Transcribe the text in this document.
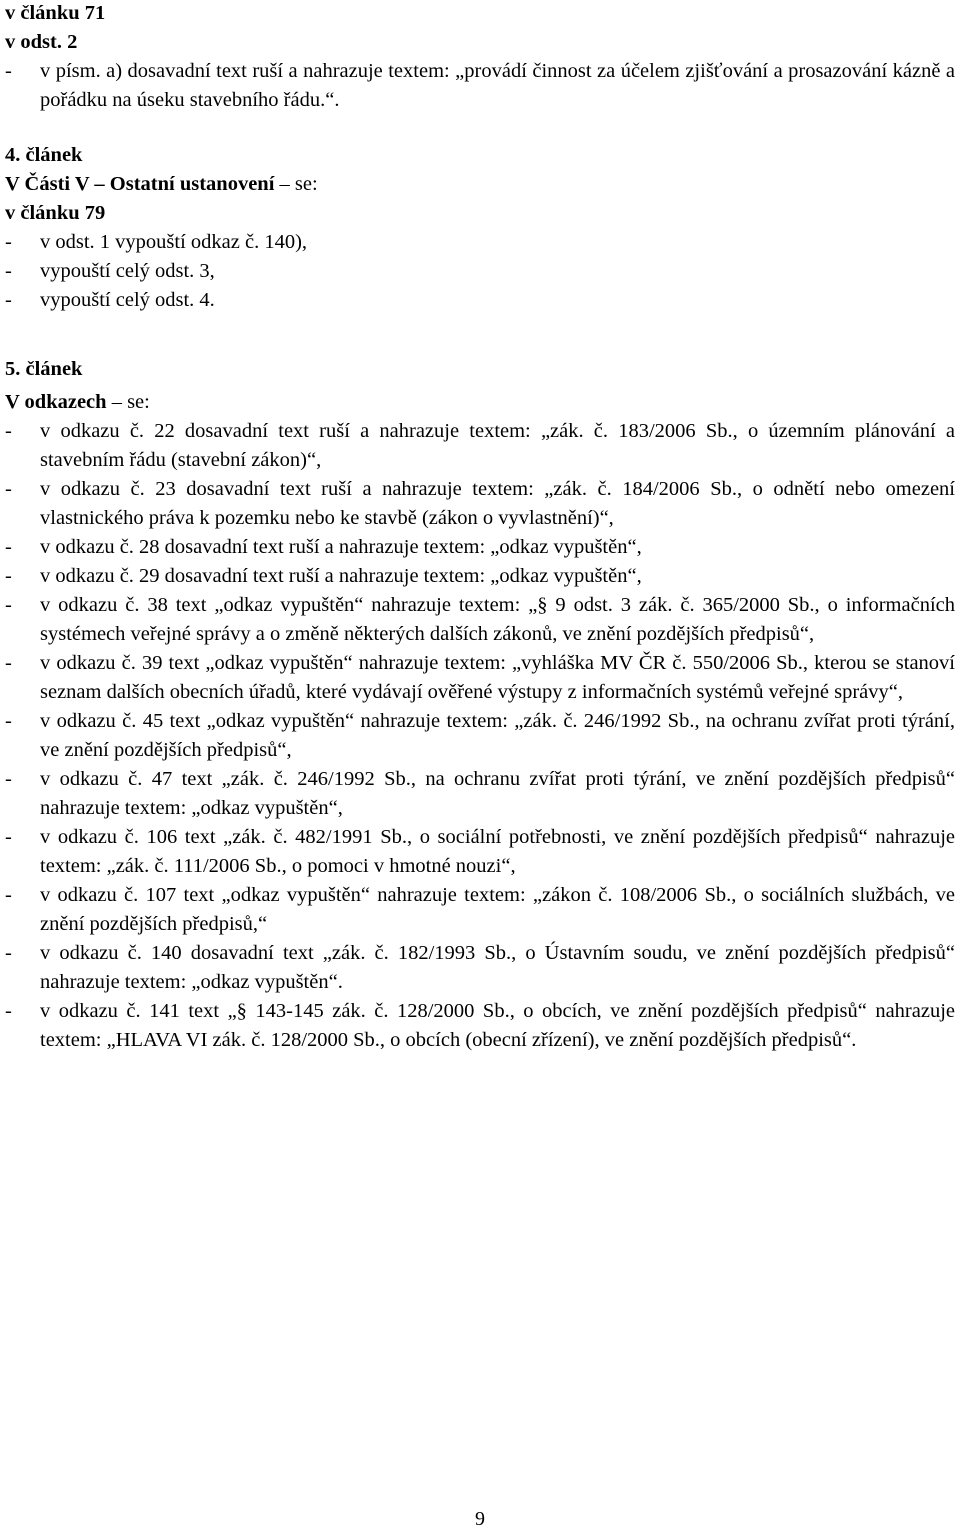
v článku 71

v odst. 2

- v písm. a) dosavadní text ruší a nahrazuje textem: „provádí činnost za účelem zjišťování a prosazování kázně a pořádku na úseku stavebního řádu.“.

4. článek

V Části V – Ostatní ustanovení – se:

v článku 79

- v odst. 1 vypouští odkaz č. 140),
- vypouští celý odst. 3,
- vypouští celý odst. 4.

5. článek

V odkazech – se:

- v odkazu č. 22 dosavadní text ruší a nahrazuje textem: „zák. č. 183/2006 Sb., o územním plánování a stavebním řádu (stavební zákon)“,
- v odkazu č. 23 dosavadní text ruší a nahrazuje textem: „zák. č. 184/2006 Sb., o odnětí nebo omezení vlastnického práva k pozemku nebo ke stavbě (zákon o vyvlastnění)“,
- v odkazu č. 28 dosavadní text ruší a nahrazuje textem: „odkaz vypuštěn“,
- v odkazu č. 29 dosavadní text ruší a nahrazuje textem: „odkaz vypuštěn“,
- v odkazu č. 38 text „odkaz vypuštěn“ nahrazuje textem: „§ 9 odst. 3 zák. č. 365/2000 Sb., o informačních systémech veřejné správy a o změně některých dalších zákonů, ve znění pozdějších předpisů“,
- v odkazu č. 39 text „odkaz vypuštěn“ nahrazuje textem: „vyhláška MV ČR č. 550/2006 Sb., kterou se stanoví seznam dalších obecních úřadů, které vydávají ověřené výstupy z informačních systémů veřejné správy“,
- v odkazu č. 45 text „odkaz vypuštěn“ nahrazuje textem: „zák. č. 246/1992 Sb., na ochranu zvířat proti týrání, ve znění pozdějších předpisů“,
- v odkazu č. 47 text „zák. č. 246/1992 Sb., na ochranu zvířat proti týrání, ve znění pozdějších předpisů“ nahrazuje textem: „odkaz vypuštěn“,
- v odkazu č. 106 text „zák. č. 482/1991 Sb., o sociální potřebnosti, ve znění pozdějších předpisů“ nahrazuje textem: „zák. č. 111/2006 Sb., o pomoci v hmotné nouzi“,
- v odkazu č. 107 text „odkaz vypuštěn“ nahrazuje textem: „zákon č. 108/2006 Sb., o sociálních službách, ve znění pozdějších předpisů,“
- v odkazu č. 140 dosavadní text „zák. č. 182/1993 Sb., o Ústavním soudu, ve znění pozdějších předpisů“ nahrazuje textem: „odkaz vypuštěn“.
- v odkazu č. 141 text „§ 143-145 zák. č. 128/2000 Sb., o obcích, ve znění pozdějších předpisů“ nahrazuje textem: „HLAVA VI zák. č. 128/2000 Sb., o obcích (obecní zřízení), ve znění pozdějších předpisů“.
9
